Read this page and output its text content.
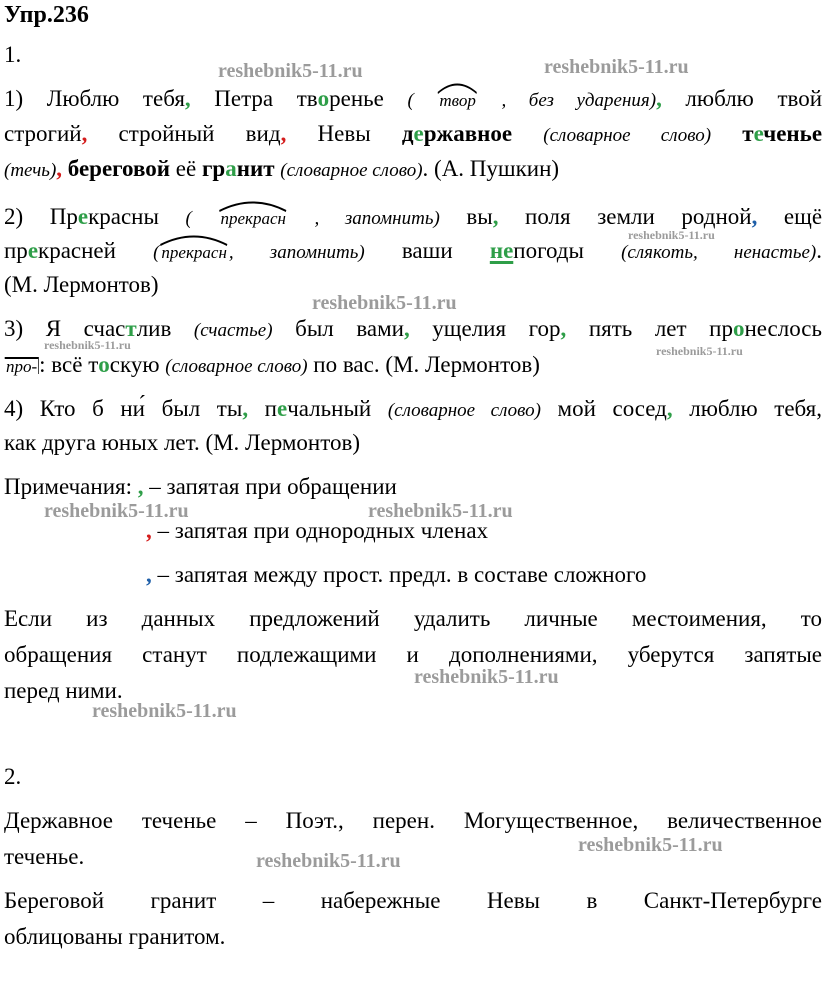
Упр.236
1.
1) Люблю тебя, Петра творенье ( твор , без ударения), люблю твой
строгий, стройный вид, Невы державное (словарное слово) теченье
(течь), береговой её гранит (словарное слово). (А. Пушкин)
2) Прекрасны ( прекрасн , запомнить) вы, поля земли родной, ещё
прекрасней ( прекрасн , запомнить) ваши непогоды (слякоть, ненастье).
(М. Лермонтов)
3) Я счастлив (счастье) был вами, ущелия гор, пять лет пронеслось
про-: всё тоскую (словарное слово) по вас. (М. Лермонтов)
4) Кто б ни́ был ты, печальный (словарное слово) мой сосед, люблю тебя,
как друга юных лет. (М. Лермонтов)
Примечания: , – запятая при обращении
, – запятая при однородных членах
, – запятая между прост. предл. в составе сложного
Если из данных предложений удалить личные местоимения, то
обращения станут подлежащими и дополнениями, уберутся запятые
перед ними.
2.
Державное теченье – Поэт., перен. Могущественное, величественное
теченье.
Береговой гранит – набережные Невы в Санкт-Петербурге
облицованы гранитом.
reshebnik5-11.ru	reshebnik5-11.ru
reshebnik5-11.ru
reshebnik5-11.ru
reshebnik5-11.ru	reshebnik5-11.ru
reshebnik5-11.ru	reshebnik5-11.ru
reshebnik5-11.ru
reshebnik5-11.ru
reshebnik5-11.ru
reshebnik5-11.ru
